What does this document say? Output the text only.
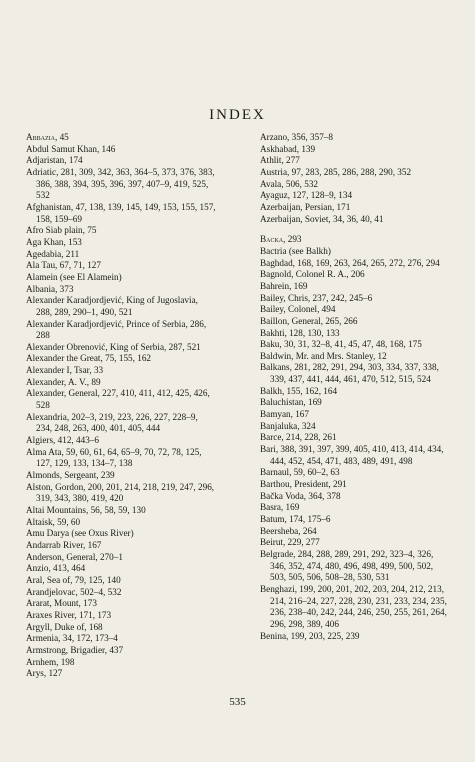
INDEX
Abbazia, 45
Abdul Samut Khan, 146
Adjaristan, 174
Adriatic, 281, 309, 342, 363, 364–5, 373, 376, 383, 386, 388, 394, 395, 396, 397, 407–9, 419, 525, 532
Afghanistan, 47, 138, 139, 145, 149, 153, 155, 157, 158, 159–69
Afro Siab plain, 75
Aga Khan, 153
Agedabia, 211
Ala Tau, 67, 71, 127
Alamein (see El Alamein)
Albania, 373
Alexander Karadjordjević, King of Jugoslavia, 288, 289, 290–1, 490, 521
Alexander Karadjordjević, Prince of Serbia, 286, 288
Alexander Obrenović, King of Serbia, 287, 521
Alexander the Great, 75, 155, 162
Alexander I, Tsar, 33
Alexander, A. V., 89
Alexander, General, 227, 410, 411, 412, 425, 426, 528
Alexandria, 202–3, 219, 223, 226, 227, 228–9, 234, 248, 263, 400, 401, 405, 444
Algiers, 412, 443–6
Alma Ata, 59, 60, 61, 64, 65–9, 70, 72, 78, 125, 127, 129, 133, 134–7, 138
Almonds, Sergeant, 239
Alston, Gordon, 200, 201, 214, 218, 219, 247, 296, 319, 343, 380, 419, 420
Altai Mountains, 56, 58, 59, 130
Altaisk, 59, 60
Amu Darya (see Oxus River)
Andarrab River, 167
Anderson, General, 270–1
Anzio, 413, 464
Aral, Sea of, 79, 125, 140
Arandjelovac, 502–4, 532
Ararat, Mount, 173
Araxes River, 171, 173
Argyll, Duke of, 168
Armenia, 34, 172, 173–4
Armstrong, Brigadier, 437
Arnhem, 198
Arys, 127
Arzano, 356, 357–8
Askhabad, 139
Athlit, 277
Austria, 97, 283, 285, 286, 288, 290, 352
Avala, 506, 532
Ayaguz, 127, 128–9, 134
Azerbaijan, Persian, 171
Azerbaijan, Soviet, 34, 36, 40, 41
Backa, 293
Bactria (see Balkh)
Baghdad, 168, 169, 263, 264, 265, 272, 276, 294
Bagnold, Colonel R. A., 206
Bahrein, 169
Bailey, Chris, 237, 242, 245–6
Bailey, Colonel, 494
Baillon, General, 265, 266
Bakhti, 128, 130, 133
Baku, 30, 31, 32–8, 41, 45, 47, 48, 168, 175
Baldwin, Mr. and Mrs. Stanley, 12
Balkans, 281, 282, 291, 294, 303, 334, 337, 338, 339, 437, 441, 444, 461, 470, 512, 515, 524
Balkh, 155, 162, 164
Baluchistan, 169
Bamyan, 167
Banjaluka, 324
Barce, 214, 228, 261
Bari, 388, 391, 397, 399, 405, 410, 413, 414, 434, 444, 452, 454, 471, 483, 489, 491, 498
Barnaul, 59, 60–2, 63
Barthou, President, 291
Bačka Voda, 364, 378
Basra, 169
Batum, 174, 175–6
Beersheba, 264
Beirut, 229, 277
Belgrade, 284, 288, 289, 291, 292, 323–4, 326, 346, 352, 474, 480, 496, 498, 499, 500, 502, 503, 505, 506, 508–28, 530, 531
Benghazi, 199, 200, 201, 202, 203, 204, 212, 213, 214, 216–24, 227, 228, 230, 231, 233, 234, 235, 236, 238–40, 242, 244, 246, 250, 255, 261, 264, 296, 298, 389, 406
Benina, 199, 203, 225, 239
535
